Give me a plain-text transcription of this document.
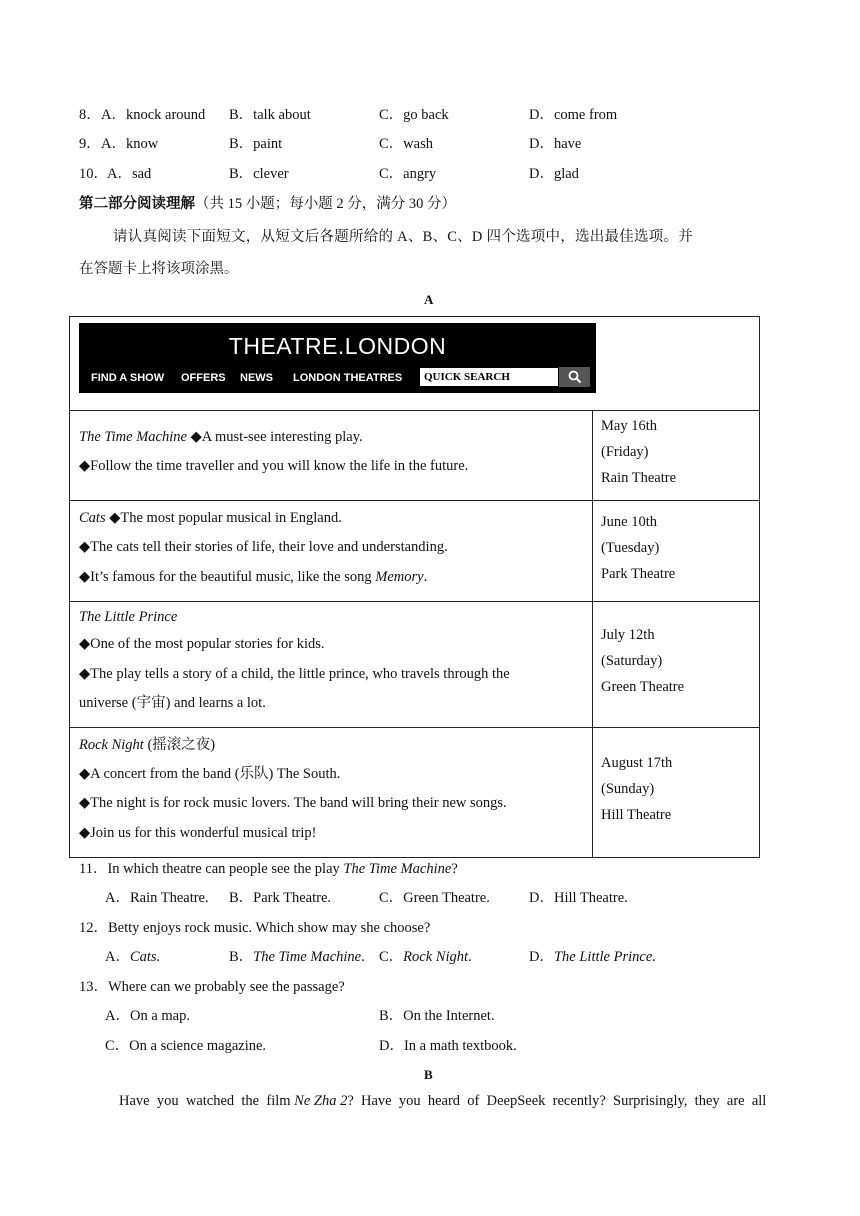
8． A．knock around B．talk about	C．go back	D．come from
9． A．know	B．paint	C．wash	D．have
10． A．sad	B．clever	C．angry	D．glad
第二部分阅读理解（共 15 小题；每小题 2 分，满分 30 分）
请认真阅读下面短文，从短文后各题所给的 A、B、C、D 四个选项中，选出最佳选项。并
在答题卡上将该项涂黑。
A
THEATRE.LONDON
FIND A SHOW OFFERS NEWS LONDON THEATRES	QUICK SEARCH
The Time Machine ◆A must-see interesting play.
◆Follow the time traveller and you will know the life in the future.
May 16th
(Friday)
Rain Theatre
Cats ◆The most popular musical in England.
◆The cats tell their stories of life, their love and understanding.
◆It’s famous for the beautiful music, like the song Memory.
June 10th
(Tuesday)
Park Theatre
The Little Prince
◆One of the most popular stories for kids.
◆The play tells a story of a child, the little prince, who travels through the
universe (宇宙) and learns a lot.
July 12th
(Saturday)
Green Theatre
Rock Night (摇滚之夜)
◆A concert from the band (乐队) The South.
◆The night is for rock music lovers. The band will bring their new songs.
◆Join us for this wonderful musical trip!
August 17th
(Sunday)
Hill Theatre
11．In which theatre can people see the play The Time Machine?
A．Rain Theatre. B．Park Theatre.	C．Green Theatre.	D．Hill Theatre.
12．Betty enjoys rock music. Which show may she choose?
A．Cats.	B．The Time Machine. C．Rock Night.	D．The Little Prince.
13．Where can we probably see the passage?
A．On a map.	B．On the Internet.
C．On a science magazine.	D．In a math textbook.
B
Have  you  watched  the  film Ne Zha 2?  Have  you  heard  of  DeepSeek  recently?  Surprisingly,  they  are  all
